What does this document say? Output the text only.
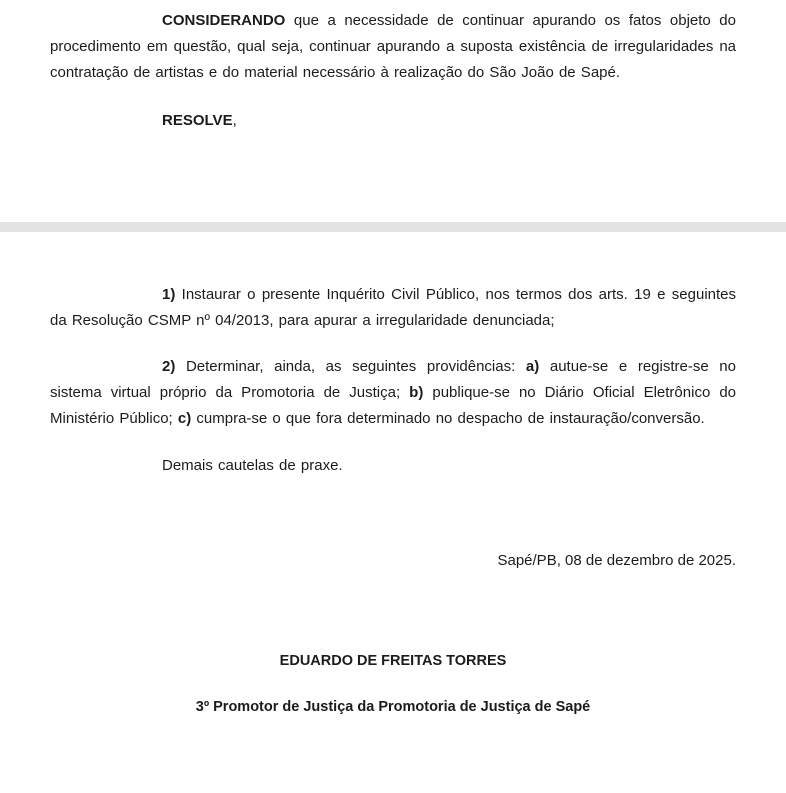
CONSIDERANDO que a necessidade de continuar apurando os fatos objeto do procedimento em questão, qual seja, continuar apurando a suposta existência de irregularidades na contratação de artistas e do material necessário à realização do São João de Sapé.

RESOLVE,

1) Instaurar o presente Inquérito Civil Público, nos termos dos arts. 19 e seguintes da Resolução CSMP nº 04/2013, para apurar a irregularidade denunciada;

2) Determinar, ainda, as seguintes providências: a) autue-se e registre-se no sistema virtual próprio da Promotoria de Justiça; b) publique-se no Diário Oficial Eletrônico do Ministério Público; c) cumpra-se o que fora determinado no despacho de instauração/conversão.

Demais cautelas de praxe.

Sapé/PB, 08 de dezembro de 2025.

EDUARDO DE FREITAS TORRES

3º Promotor de Justiça da Promotoria de Justiça de Sapé
